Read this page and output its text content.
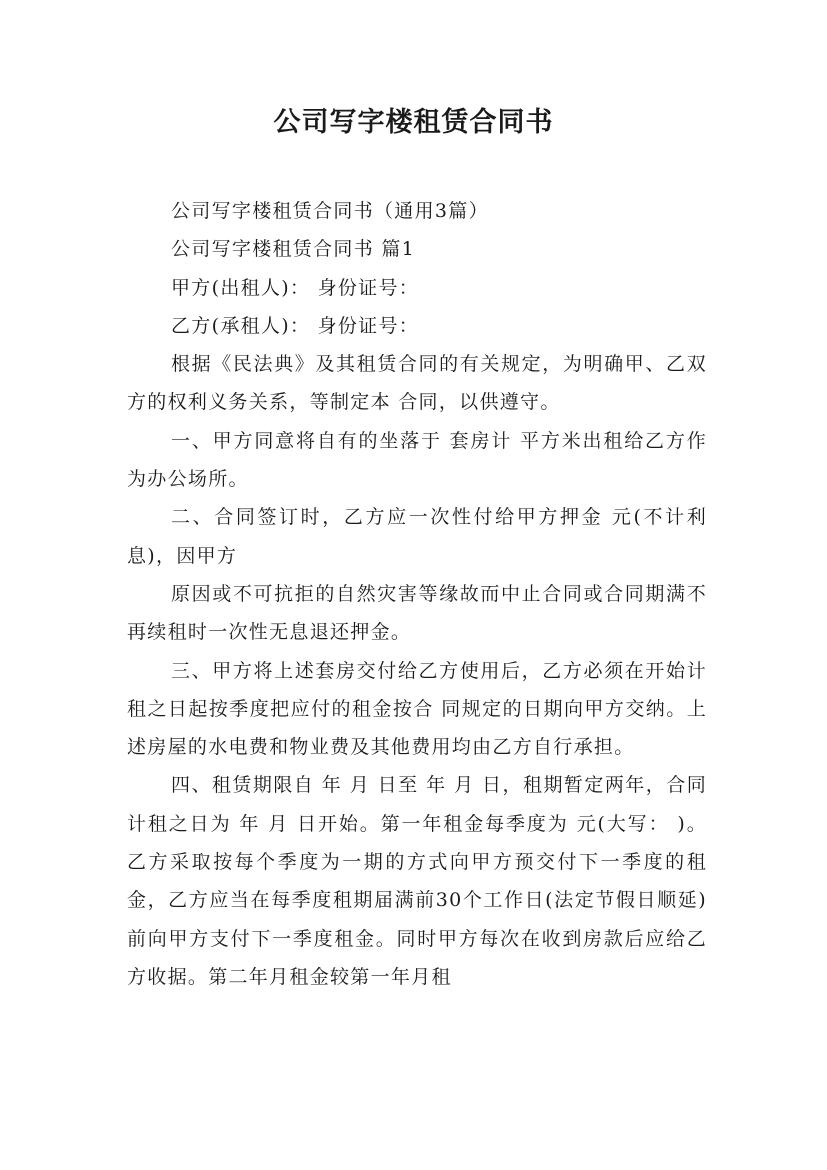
公司写字楼租赁合同书

公司写字楼租赁合同书（通用3篇）

公司写字楼租赁合同书 篇1

甲方(出租人)： 身份证号：

乙方(承租人)： 身份证号：

根据《民法典》及其租赁合同的有关规定，为明确甲、乙双方的权利义务关系，等制定本 合同，以供遵守。

一、甲方同意将自有的坐落于 套房计 平方米出租给乙方作为办公场所。

二、合同签订时，乙方应一次性付给甲方押金 元(不计利息)，因甲方

原因或不可抗拒的自然灾害等缘故而中止合同或合同期满不再续租时一次性无息退还押金。

三、甲方将上述套房交付给乙方使用后，乙方必须在开始计租之日起按季度把应付的租金按合 同规定的日期向甲方交纳。上述房屋的水电费和物业费及其他费用均由乙方自行承担。

四、租赁期限自 年 月 日至 年 月 日，租期暂定两年，合同计租之日为 年 月 日开始。第一年租金每季度为 元(大写： )。乙方采取按每个季度为一期的方式向甲方预交付下一季度的租金，乙方应当在每季度租期届满前30个工作日(法定节假日顺延)前向甲方支付下一季度租金。同时甲方每次在收到房款后应给乙方收据。第二年月租金较第一年月租
